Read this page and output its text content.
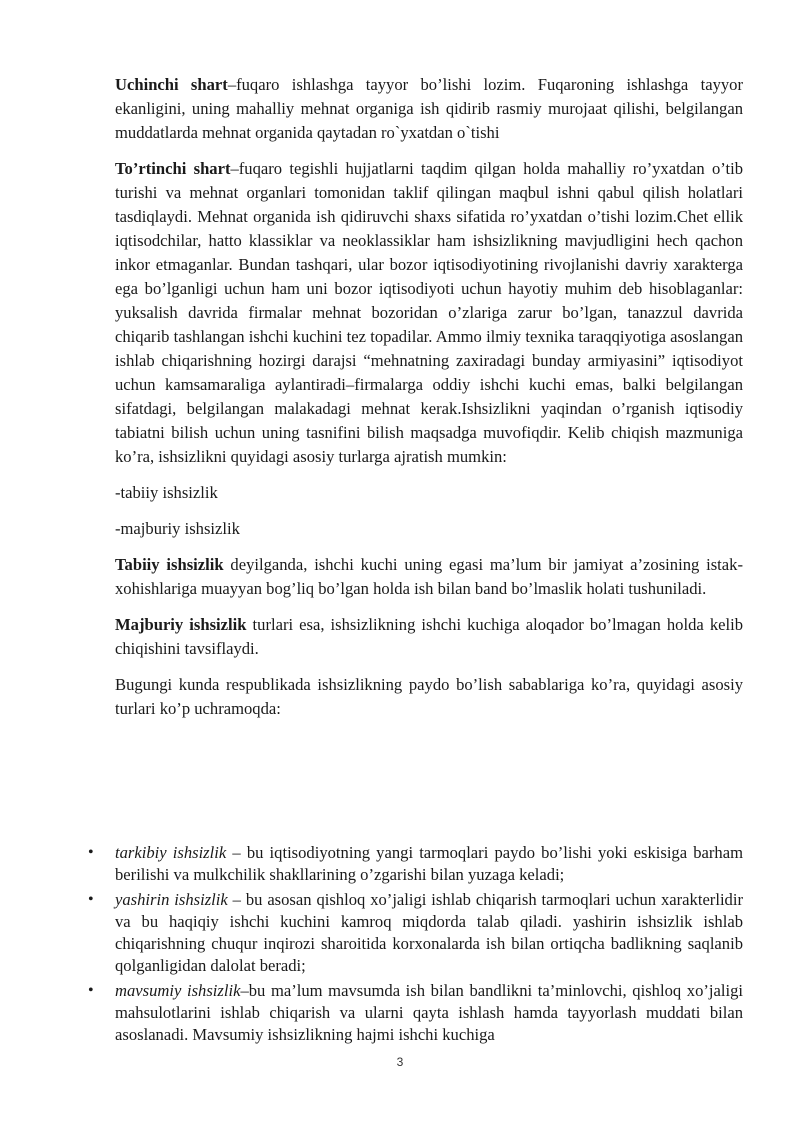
Uchinchi shart–fuqaro ishlashga tayyor bo’lishi lozim. Fuqaroning ishlashga tayyor ekanligini, uning mahalliy mehnat organiga ish qidirib rasmiy murojaat qilishi, belgilangan muddatlarda mehnat organida qaytadan ro`yxatdan o`tishi

To’rtinchi shart–fuqaro tegishli hujjatlarni taqdim qilgan holda mahalliy ro’yxatdan o’tib turishi va mehnat organlari tomonidan taklif qilingan maqbul ishni qabul qilish holatlari tasdiqlaydi. Mehnat organida ish qidiruvchi shaxs sifatida ro’yxatdan o’tishi lozim.Chet ellik iqtisodchilar, hatto klassiklar va neoklassiklar ham ishsizlikning mavjudligini hech qachon inkor etmaganlar. Bundan tashqari, ular bozor iqtisodiyotining rivojlanishi davriy xarakterga ega bo’lganligi uchun ham uni bozor iqtisodiyoti uchun hayotiy muhim deb hisoblaganlar: yuksalish davrida firmalar mehnat bozoridan o’zlariga zarur bo’lgan, tanazzul davrida chiqarib tashlangan ishchi kuchini tez topadilar. Ammo ilmiy texnika taraqqiyotiga asoslangan ishlab chiqarishning hozirgi darajsi “mehnatning zaxiradagi bunday armiyasini” iqtisodiyot uchun kamsamaraliga aylantiradi–firmalarga oddiy ishchi kuchi emas, balki belgilangan sifatdagi, belgilangan malakadagi mehnat kerak.Ishsizlikni yaqindan o’rganish iqtisodiy tabiatni bilish uchun uning tasnifini bilish maqsadga muvofiqdir. Kelib chiqish mazmuniga ko’ra, ishsizlikni quyidagi asosiy turlarga ajratish mumkin:

-tabiiy ishsizlik

-majburiy ishsizlik

Tabiiy ishsizlik deyilganda, ishchi kuchi uning egasi ma’lum bir jamiyat a’zosining istak-xohishlariga muayyan bog’liq bo’lgan holda ish bilan band bo’lmaslik holati tushuniladi.

Majburiy ishsizlik turlari esa, ishsizlikning ishchi kuchiga aloqador bo’lmagan holda kelib chiqishini tavsiflaydi.

Bugungi kunda respublikada ishsizlikning paydo bo’lish sabablariga ko’ra, quyidagi asosiy turlari ko’p uchramoqda:

• tarkibiy ishsizlik – bu iqtisodiyotning yangi tarmoqlari paydo bo’lishi yoki eskisiga barham berilishi va mulkchilik shakllarining o’zgarishi bilan yuzaga keladi;
• yashirin ishsizlik – bu asosan qishloq xo’jaligi ishlab chiqarish tarmoqlari uchun xarakterlidir va bu haqiqiy ishchi kuchini kamroq miqdorda talab qiladi. yashirin ishsizlik ishlab chiqarishning chuqur inqirozi sharoitida korxonalarda ish bilan ortiqcha badlikning saqlanib qolganligidan dalolat beradi;
• mavsumiy ishsizlik–bu ma’lum mavsumda ish bilan bandlikni ta’minlovchi, qishloq xo’jaligi mahsulotlarini ishlab chiqarish va ularni qayta ishlash hamda tayyorlash muddati bilan asoslanadi. Mavsumiy ishsizlikning hajmi ishchi kuchiga
3
